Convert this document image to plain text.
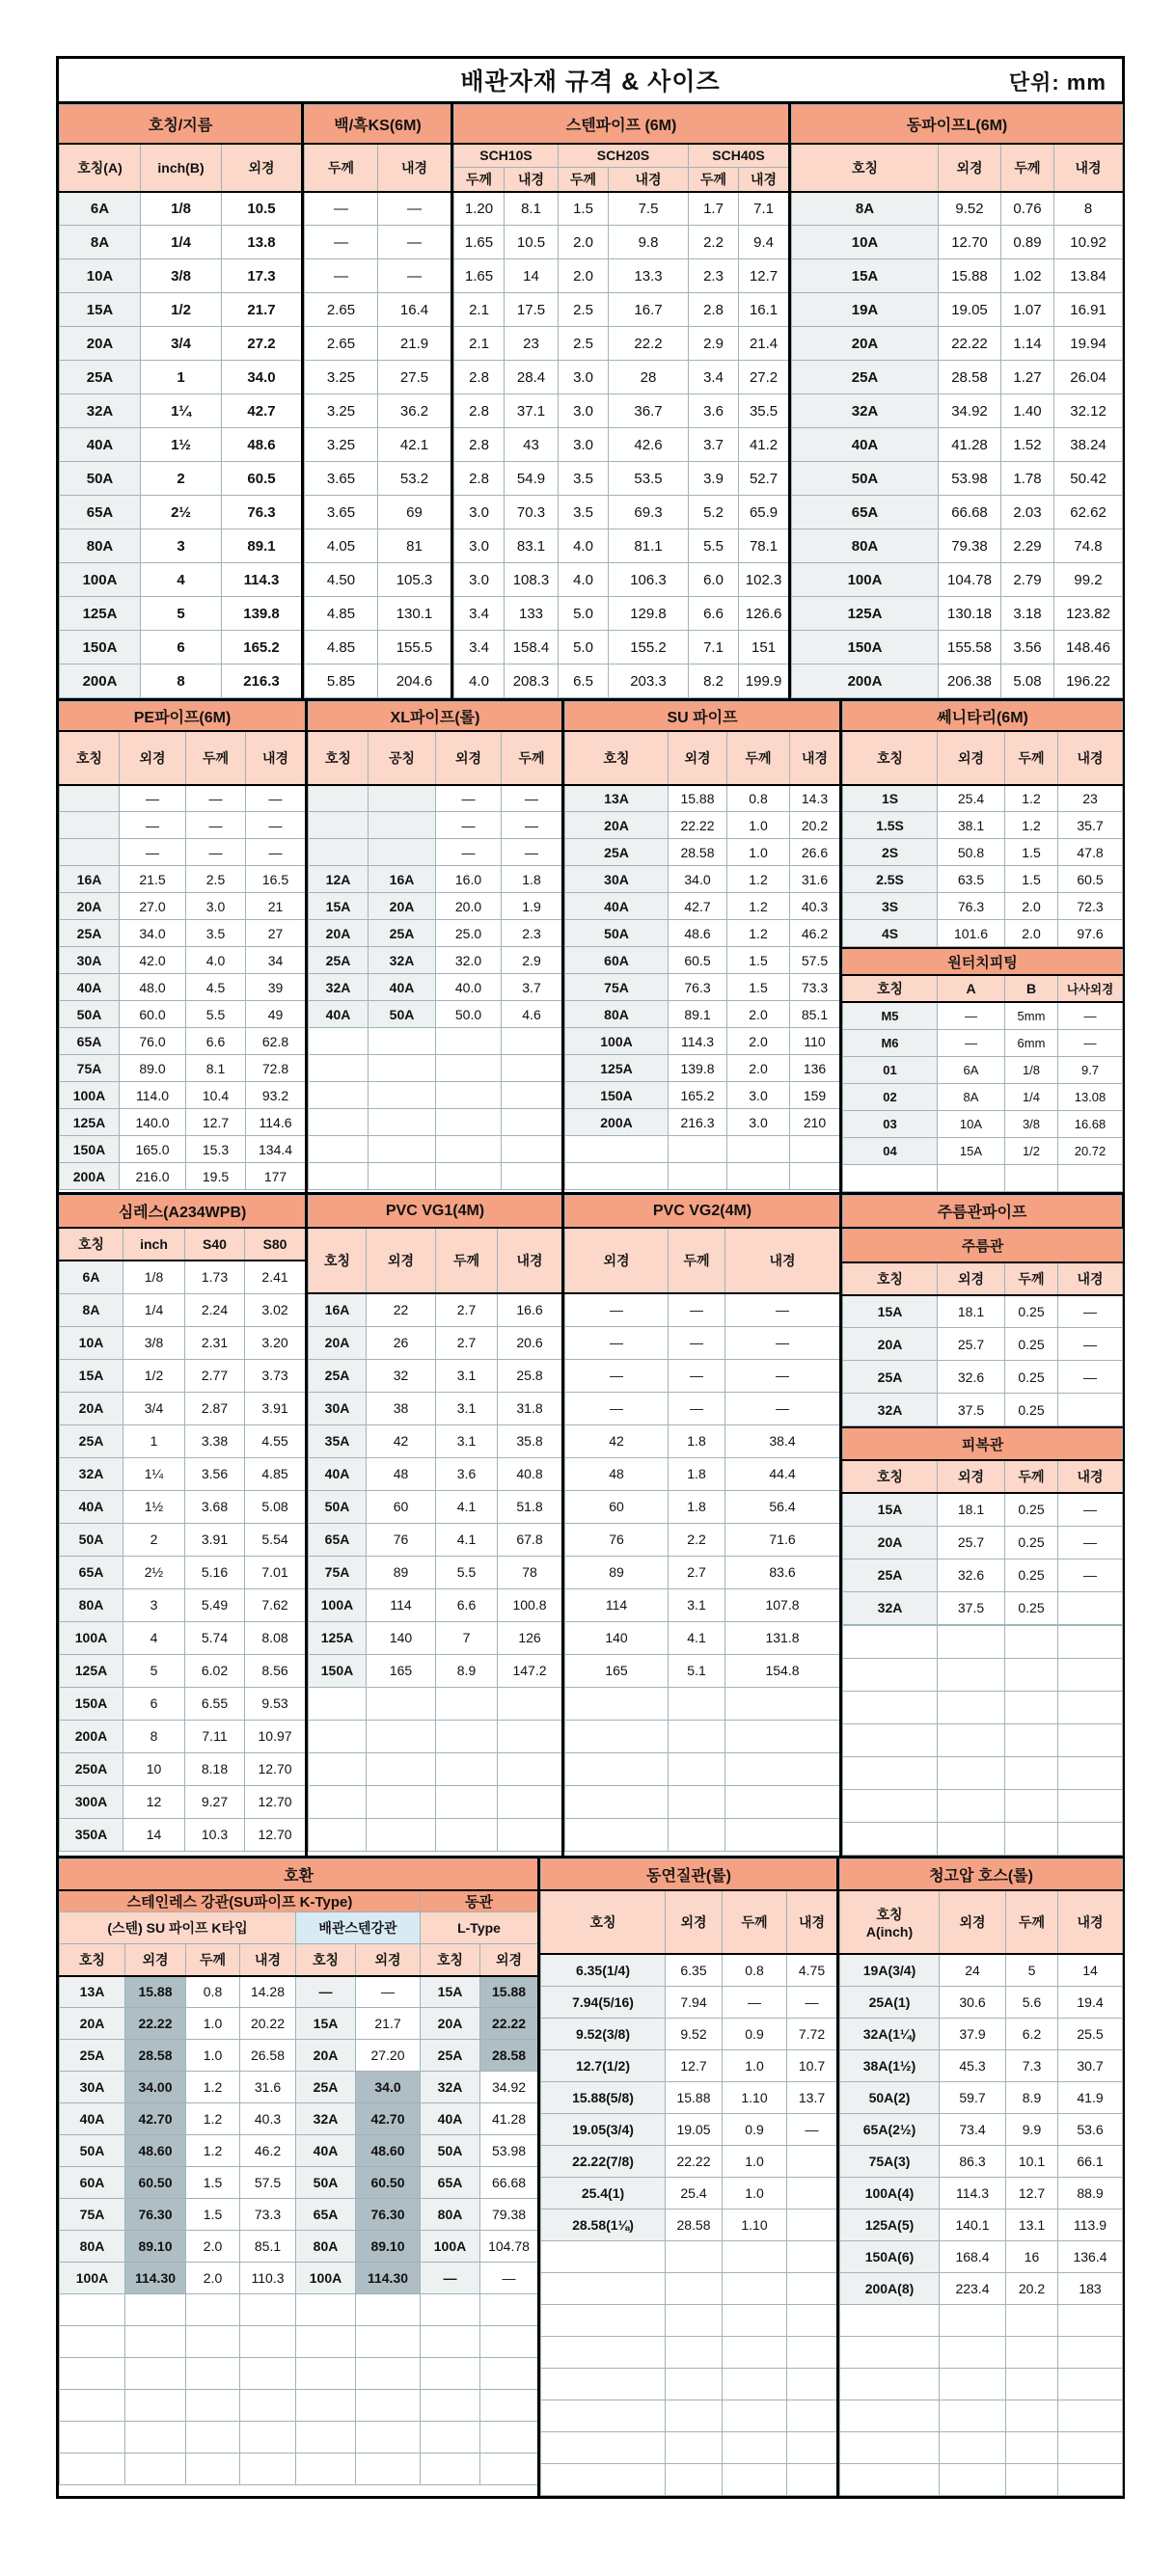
배관자재 규격 & 사이즈	단위: mm
호칭/지름		
호칭(A)	inch(B)	외경
6A	1/8	10.5
8A	1/4	13.8
10A	3/8	17.3
15A	1/2	21.7
20A	3/4	27.2
25A	1	34.0
32A	1¼	42.7
40A	1½	48.6
50A	2	60.5
65A	2½	76.3
80A	3	89.1
100A	4	114.3
125A	5	139.8
150A	6	165.2
200A	8	216.3
백/흑KS(6M)	
두께	내경
—	—
—	—
—	—
2.65	16.4
2.65	21.9
3.25	27.5
3.25	36.2
3.25	42.1
3.65	53.2
3.65	69
4.05	81
4.50	105.3
4.85	130.1
4.85	155.5
5.85	204.6
스텐파이프 (6M)					
SCH10S		SCH20S		SCH40S	
두께	내경	두께	내경	두께	내경
1.20	8.1	1.5	7.5	1.7	7.1
1.65	10.5	2.0	9.8	2.2	9.4
1.65	14	2.0	13.3	2.3	12.7
2.1	17.5	2.5	16.7	2.8	16.1
2.1	23	2.5	22.2	2.9	21.4
2.8	28.4	3.0	28	3.4	27.2
2.8	37.1	3.0	36.7	3.6	35.5
2.8	43	3.0	42.6	3.7	41.2
2.8	54.9	3.5	53.5	3.9	52.7
3.0	70.3	3.5	69.3	5.2	65.9
3.0	83.1	4.0	81.1	5.5	78.1
3.0	108.3	4.0	106.3	6.0	102.3
3.4	133	5.0	129.8	6.6	126.6
3.4	158.4	5.0	155.2	7.1	151
4.0	208.3	6.5	203.3	8.2	199.9
동파이프L(6M)			
호칭	외경	두께	내경
8A	9.52	0.76	8
10A	12.70	0.89	10.92
15A	15.88	1.02	13.84
19A	19.05	1.07	16.91
20A	22.22	1.14	19.94
25A	28.58	1.27	26.04
32A	34.92	1.40	32.12
40A	41.28	1.52	38.24
50A	53.98	1.78	50.42
65A	66.68	2.03	62.62
80A	79.38	2.29	74.8
100A	104.78	2.79	99.2
125A	130.18	3.18	123.82
150A	155.58	3.56	148.46
200A	206.38	5.08	196.22
PE파이프(6M)			
호칭	외경	두께	내경
	—	—	—
	—	—	—
	—	—	—
16A	21.5	2.5	16.5
20A	27.0	3.0	21
25A	34.0	3.5	27
30A	42.0	4.0	34
40A	48.0	4.5	39
50A	60.0	5.5	49
65A	76.0	6.6	62.8
75A	89.0	8.1	72.8
100A	114.0	10.4	93.2
125A	140.0	12.7	114.6
150A	165.0	15.3	134.4
200A	216.0	19.5	177
XL파이프(롤)			
호칭	공칭	외경	두께
		—	—
		—	—
		—	—
12A	16A	16.0	1.8
15A	20A	20.0	1.9
20A	25A	25.0	2.3
25A	32A	32.0	2.9
32A	40A	40.0	3.7
40A	50A	50.0	4.6

SU 파이프			
호칭	외경	두께	내경
13A	15.88	0.8	14.3
20A	22.22	1.0	20.2
25A	28.58	1.0	26.6
30A	34.0	1.2	31.6
40A	42.7	1.2	40.3
50A	48.6	1.2	46.2
60A	60.5	1.5	57.5
75A	76.3	1.5	73.3
80A	89.1	2.0	85.1
100A	114.3	2.0	110
125A	139.8	2.0	136
150A	165.2	3.0	159
200A	216.3	3.0	210

쎄니타리(6M)			
호칭	외경	두께	내경
1S	25.4	1.2	23
1.5S	38.1	1.2	35.7
2S	50.8	1.5	47.8
2.5S	63.5	1.5	60.5
3S	76.3	2.0	72.3
4S	101.6	2.0	97.6
원터치피팅			
호칭	A	B	나사외경
M5	—	5mm	—
M6	—	6mm	—
01	6A	1/8	9.7
02	8A	1/4	13.08
03	10A	3/8	16.68
04	15A	1/2	20.72

심레스(A234WPB)			
호칭	inch	S40	S80
6A	1/8	1.73	2.41
8A	1/4	2.24	3.02
10A	3/8	2.31	3.20
15A	1/2	2.77	3.73
20A	3/4	2.87	3.91
25A	1	3.38	4.55
32A	1¼	3.56	4.85
40A	1½	3.68	5.08
50A	2	3.91	5.54
65A	2½	5.16	7.01
80A	3	5.49	7.62
100A	4	5.74	8.08
125A	5	6.02	8.56
150A	6	6.55	9.53
200A	8	7.11	10.97
250A	10	8.18	12.70
300A	12	9.27	12.70
350A	14	10.3	12.70
PVC VG1(4M)			
호칭	외경	두께	내경
16A	22	2.7	16.6
20A	26	2.7	20.6
25A	32	3.1	25.8
30A	38	3.1	31.8
35A	42	3.1	35.8
40A	48	3.6	40.8
50A	60	4.1	51.8
65A	76	4.1	67.8
75A	89	5.5	78
100A	114	6.6	100.8
125A	140	7	126
150A	165	8.9	147.2

PVC VG2(4M)		
외경	두께	내경
—	—	—
—	—	—
—	—	—
—	—	—
42	1.8	38.4
48	1.8	44.4
60	1.8	56.4
76	2.2	71.6
89	2.7	83.6
114	3.1	107.8
140	4.1	131.8
165	5.1	154.8

주름관파이프
주름관			
호칭	외경	두께	내경
15A	18.1	0.25	—
20A	25.7	0.25	—
25A	32.6	0.25	—
32A	37.5	0.25	
피복관			
호칭	외경	두께	내경
15A	18.1	0.25	—
20A	25.7	0.25	—
25A	32.6	0.25	—
32A	37.5	0.25	

호환							
스테인레스 강관(SU파이프 K-Type)						동관	
(스텐) SU 파이프 K타입				배관스텐강관		L-Type	
호칭	외경	두께	내경	호칭	외경	호칭	외경
13A	15.88	0.8	14.28	—	—	15A	15.88
20A	22.22	1.0	20.22	15A	21.7	20A	22.22
25A	28.58	1.0	26.58	20A	27.20	25A	28.58
30A	34.00	1.2	31.6	25A	34.0	32A	34.92
40A	42.70	1.2	40.3	32A	42.70	40A	41.28
50A	48.60	1.2	46.2	40A	48.60	50A	53.98
60A	60.50	1.5	57.5	50A	60.50	65A	66.68
75A	76.30	1.5	73.3	65A	76.30	80A	79.38
80A	89.10	2.0	85.1	80A	89.10	100A	104.78
100A	114.30	2.0	110.3	100A	114.30	—	—

동연질관(롤)			
호칭	외경	두께	내경
6.35(1/4)	6.35	0.8	4.75
7.94(5/16)	7.94	—	—
9.52(3/8)	9.52	0.9	7.72
12.7(1/2)	12.7	1.0	10.7
15.88(5/8)	15.88	1.10	13.7
19.05(3/4)	19.05	0.9	—
22.22(7/8)	22.22	1.0	
25.4(1)	25.4	1.0	
28.58(1⅛)	28.58	1.10	

청고압 호스(롤)			
호칭
A(inch)	외경	두께	내경
19A(3/4)	24	5	14
25A(1)	30.6	5.6	19.4
32A(1¼)	37.9	6.2	25.5
38A(1½)	45.3	7.3	30.7
50A(2)	59.7	8.9	41.9
65A(2½)	73.4	9.9	53.6
75A(3)	86.3	10.1	66.1
100A(4)	114.3	12.7	88.9
125A(5)	140.1	13.1	113.9
150A(6)	168.4	16	136.4
200A(8)	223.4	20.2	183
